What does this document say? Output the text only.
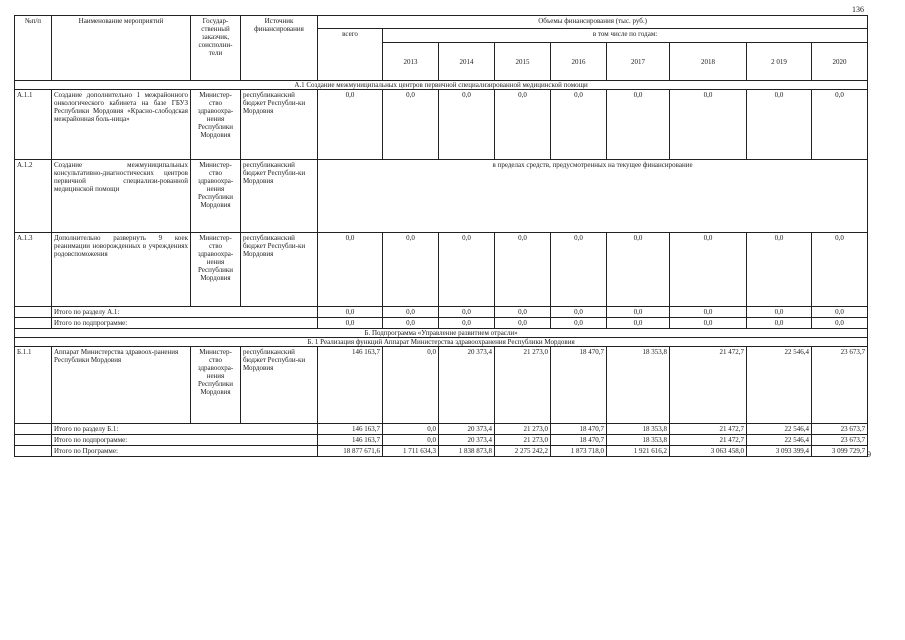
136
№п/п	Наименование мероприятий	Государ-ственный заказчик, соисполни-тели	Источник финансирования	Объемы финансирования (тыс. руб.)								
				всего	в том числе по годам:							
					2013	2014	2015	2016	2017	2018	2 019	2020
А.1 Создание межмуниципальных центров первичной специализированной медицинской помощи												
А.1.1	Создание дополнительно 1 межрайонного онкологического кабинета на базе ГБУЗ Республики Мордовия «Красно-слободская межрайонная боль-ница»	Министер-ство здравоохра-нения Республики Мордовия	республиканский бюджет Республи-ки Мордовия	0,0	0,0	0,0	0,0	0,0	0,0	0,0	0,0	0,0
А.1.2	Создание межмуниципальных консультативно-диагностических центров первичной специализи-рованной медицинской помощи	Министер-ство здравоохра-нения Республики Мордовия	республиканский бюджет Республи-ки Мордовия	в пределах средств, предусмотренных на текущее финансирование								
А.1.3	Дополнительно развернуть 9 коек реанимации новорожденных в учреждениях родовспоможения	Министер-ство здравоохра-нения Республики Мордовия	республиканский бюджет Республи-ки Мордовия	0,0	0,0	0,0	0,0	0,0	0,0	0,0	0,0	0,0
	Итого по разделу А.1:			0,0	0,0	0,0	0,0	0,0	0,0	0,0	0,0	0,0
	Итого по подпрограмме:			0,0	0,0	0,0	0,0	0,0	0,0	0,0	0,0	0,0
Б. Подпрограмма «Управление развитием отрасли»												
Б. 1 Реализация функций Аппарат Министерства здравоохранения Республики Мордовия												
Б.1.1	Аппарат Министерства здравоох-ранения Республики Мордовия	Министер-ство здравоохра-нения Республики Мордовия	республиканский бюджет Республи-ки Мордовия	146 163,7	0,0	20 373,4	21 273,0	18 470,7	18 353,8	21 472,7	22 546,4	23 673,7
	Итого по разделу Б.1:			146 163,7	0,0	20 373,4	21 273,0	18 470,7	18 353,8	21 472,7	22 546,4	23 673,7
	Итого по подпрограмме:			146 163,7	0,0	20 373,4	21 273,0	18 470,7	18 353,8	21 472,7	22 546,4	23 673,7
	Итого по Программе:			18 877 671,6	1 711 634,3	1 838 873,8	2 275 242,2	1 873 718,0	1 921 616,2	3 063 458,0	3 093 399,4	3 099 729,7 9
